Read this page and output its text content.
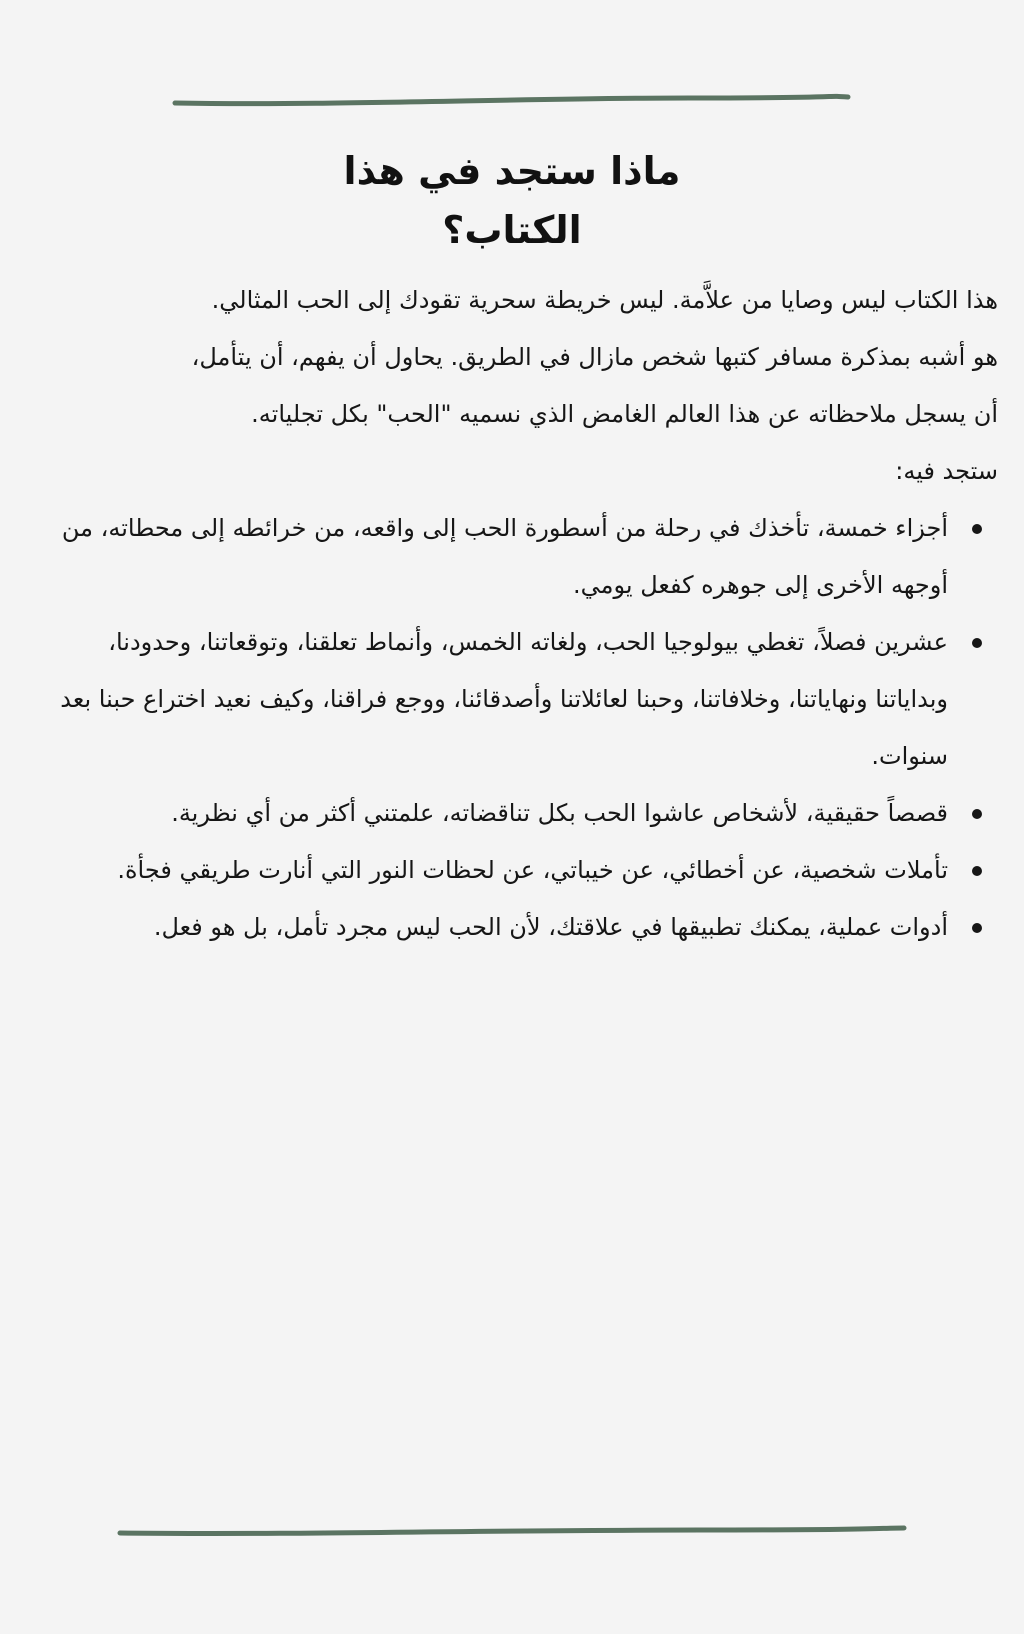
ماذا ستجد في هذا الكتاب؟

هذا الكتاب ليس وصايا من علاَّمة. ليس خريطة سحرية تقودك إلى الحب المثالي.

هو أشبه بمذكرة مسافر كتبها شخص مازال في الطريق. يحاول أن يفهم، أن يتأمل،

أن يسجل ملاحظاته عن هذا العالم الغامض الذي نسميه "الحب" بكل تجلياته.

ستجد فيه:

أجزاء خمسة، تأخذك في رحلة من أسطورة الحب إلى واقعه، من خرائطه إلى محطاته، من أوجهه الأخرى إلى جوهره كفعل يومي.
عشرين فصلاً، تغطي بيولوجيا الحب، ولغاته الخمس، وأنماط تعلقنا، وتوقعاتنا، وحدودنا، وبداياتنا ونهاياتنا، وخلافاتنا، وحبنا لعائلاتنا وأصدقائنا، ووجع فراقنا، وكيف نعيد اختراع حبنا بعد سنوات.
قصصاً حقيقية، لأشخاص عاشوا الحب بكل تناقضاته، علمتني أكثر من أي نظرية.
تأملات شخصية، عن أخطائي، عن خيباتي، عن لحظات النور التي أنارت طريقي فجأة.
أدوات عملية، يمكنك تطبيقها في علاقتك، لأن الحب ليس مجرد تأمل، بل هو فعل.
